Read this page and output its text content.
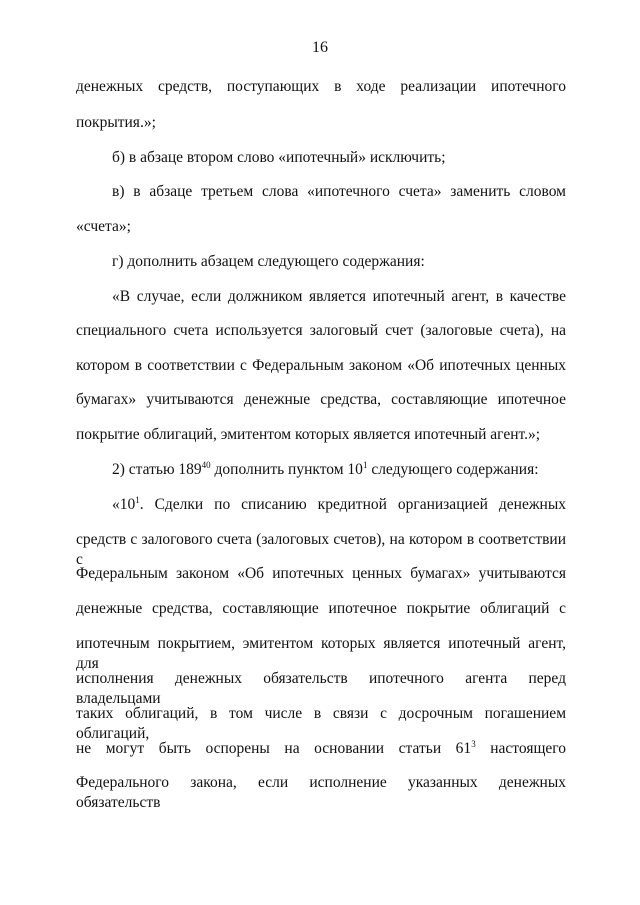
16

денежных средств, поступающих в ходе реализации ипотечного

покрытия.»;

б) в абзаце втором слово «ипотечный» исключить;

в) в абзаце третьем слова «ипотечного счета» заменить словом

«счета»;

г) дополнить абзацем следующего содержания:

«В случае, если должником является ипотечный агент, в качестве

специального счета используется залоговый счет (залоговые счета), на

котором в соответствии с Федеральным законом «Об ипотечных ценных

бумагах» учитываются денежные средства, составляющие ипотечное

покрытие облигаций, эмитентом которых является ипотечный агент.»;

2) статью $189^{40}$ дополнить пунктом $10^1$ следующего содержания:

«$10^1$. Сделки по списанию кредитной организацией денежных

средств с залогового счета (залоговых счетов), на котором в соответствии с

Федеральным законом «Об ипотечных ценных бумагах» учитываются

денежные средства, составляющие ипотечное покрытие облигаций с

ипотечным покрытием, эмитентом которых является ипотечный агент, для

исполнения денежных обязательств ипотечного агента перед владельцами

таких облигаций, в том числе в связи с досрочным погашением облигаций,

не могут быть оспорены на основании статьи $61^3$ настоящего

Федерального закона, если исполнение указанных денежных обязательств
